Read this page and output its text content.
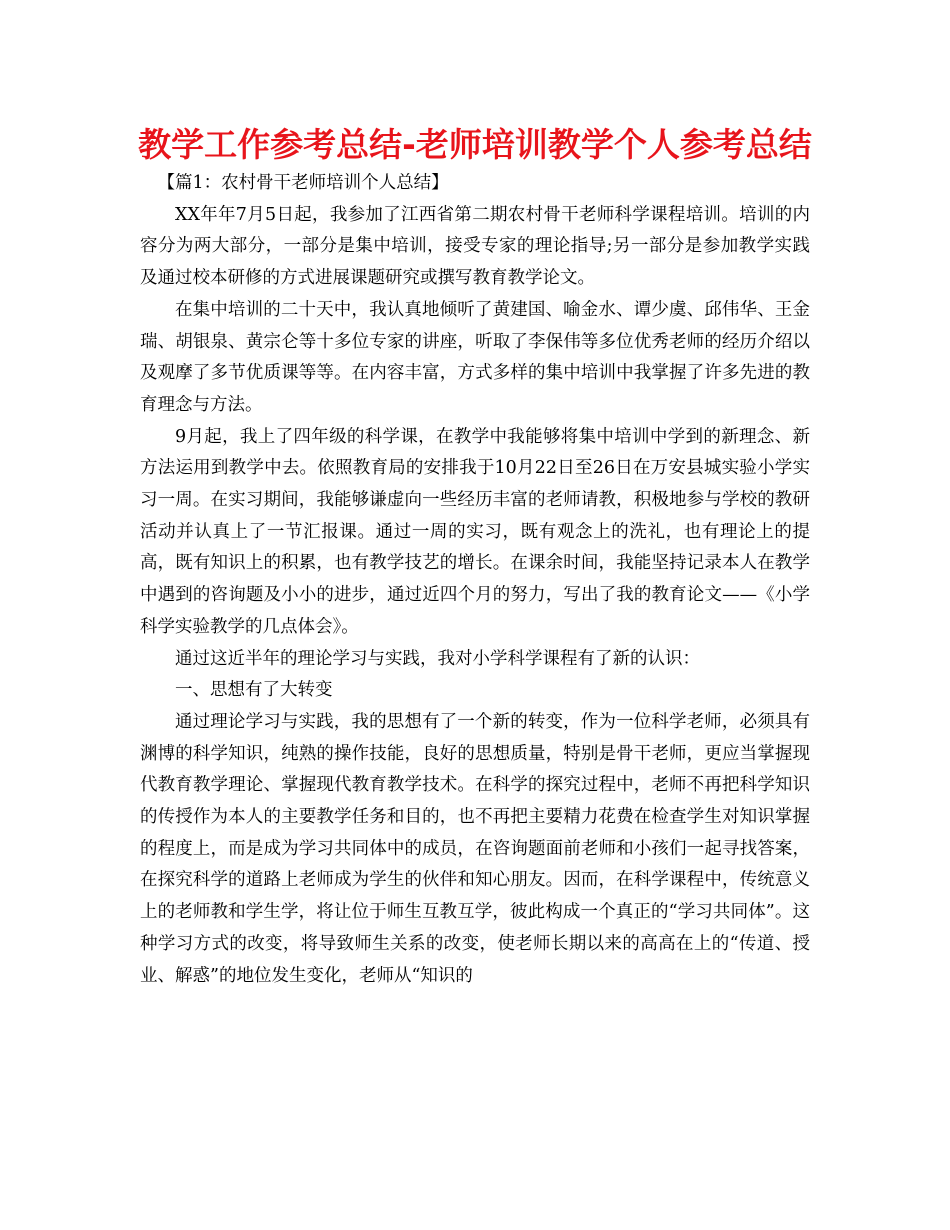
教学工作参考总结-老师培训教学个人参考总结

【篇1：农村骨干老师培训个人总结】

XX年年7月5日起，我参加了江西省第二期农村骨干老师科学课程培训。培训的内容分为两大部分，一部分是集中培训，接受专家的理论指导;另一部分是参加教学实践及通过校本研修的方式进展课题研究或撰写教育教学论文。

在集中培训的二十天中，我认真地倾听了黄建国、喻金水、谭少虞、邱伟华、王金瑞、胡银泉、黄宗仑等十多位专家的讲座，听取了李保伟等多位优秀老师的经历介绍以及观摩了多节优质课等等。在内容丰富，方式多样的集中培训中我掌握了许多先进的教育理念与方法。

9月起，我上了四年级的科学课，在教学中我能够将集中培训中学到的新理念、新方法运用到教学中去。依照教育局的安排我于10月22日至26日在万安县城实验小学实习一周。在实习期间，我能够谦虚向一些经历丰富的老师请教，积极地参与学校的教研活动并认真上了一节汇报课。通过一周的实习，既有观念上的洗礼，也有理论上的提高，既有知识上的积累，也有教学技艺的增长。在课余时间，我能坚持记录本人在教学中遇到的咨询题及小小的进步，通过近四个月的努力，写出了我的教育论文——《小学科学实验教学的几点体会》。

通过这近半年的理论学习与实践，我对小学科学课程有了新的认识：

一、思想有了大转变

通过理论学习与实践，我的思想有了一个新的转变，作为一位科学老师，必须具有渊博的科学知识，纯熟的操作技能，良好的思想质量，特别是骨干老师，更应当掌握现代教育教学理论、掌握现代教育教学技术。在科学的探究过程中，老师不再把科学知识的传授作为本人的主要教学任务和目的，也不再把主要精力花费在检查学生对知识掌握的程度上，而是成为学习共同体中的成员，在咨询题面前老师和小孩们一起寻找答案，在探究科学的道路上老师成为学生的伙伴和知心朋友。因而，在科学课程中，传统意义上的老师教和学生学，将让位于师生互教互学，彼此构成一个真正的“学习共同体”。这种学习方式的改变，将导致师生关系的改变，使老师长期以来的高高在上的“传道、授业、解惑”的地位发生变化，老师从“知识的
